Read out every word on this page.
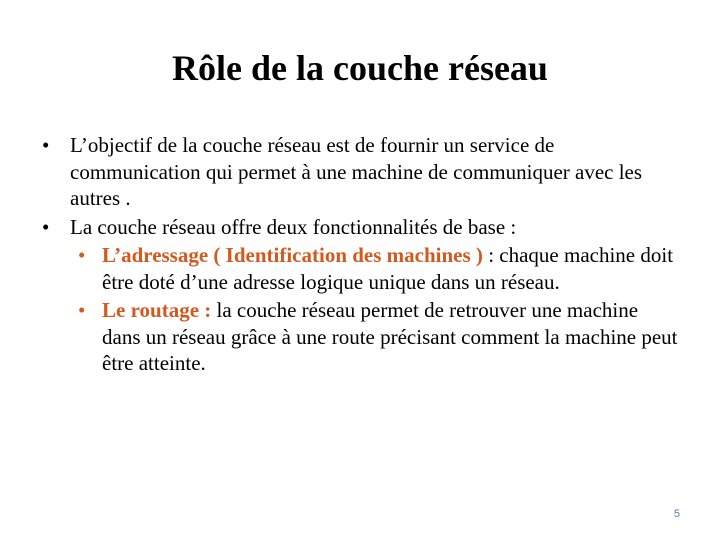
Rôle de la couche réseau

• L’objectif de la couche réseau est de fournir un service de communication qui permet à une machine de communiquer avec les autres .

• La couche réseau offre deux fonctionnalités de base :

• L’adressage ( Identification des machines ) : chaque machine doit être doté d’une adresse logique unique dans un réseau.

• Le routage : la couche réseau permet de retrouver une machine dans un réseau grâce à une route précisant comment la machine peut être atteinte.

5
